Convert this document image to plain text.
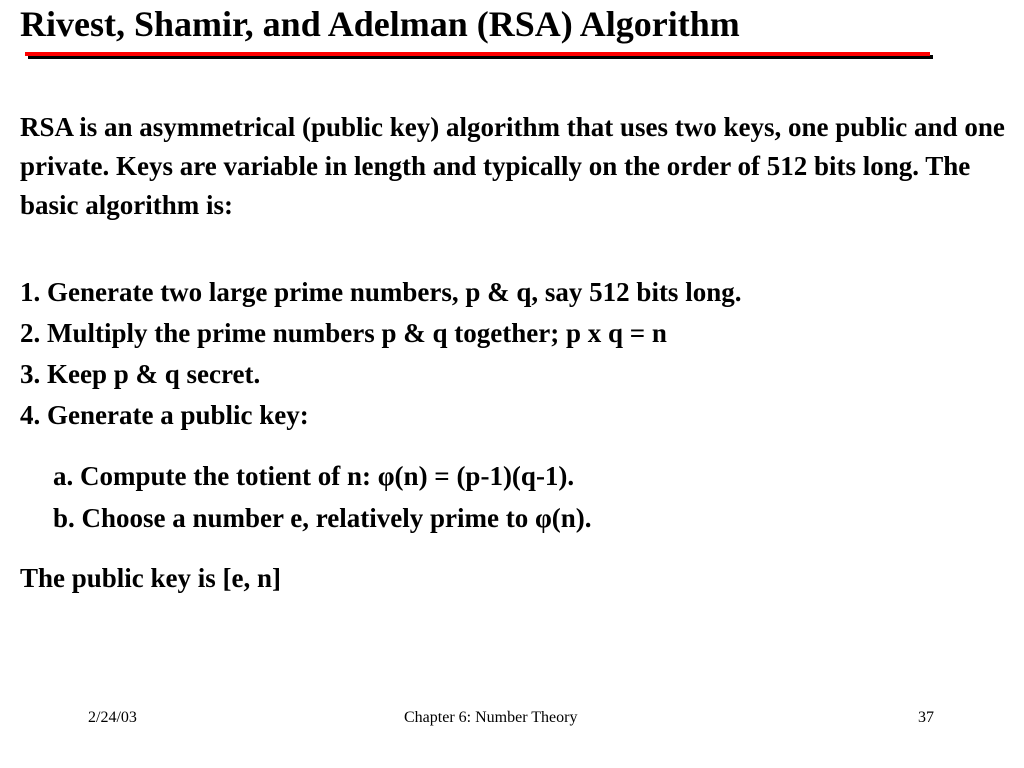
Rivest, Shamir, and Adelman (RSA) Algorithm

RSA is an asymmetrical (public key) algorithm that uses two keys, one public and one private. Keys are variable in length and typically on the order of 512 bits long. The basic algorithm is:

1. Generate two large prime numbers, p & q, say 512 bits long.
2. Multiply the prime numbers p & q together; p x q = n
3. Keep p & q secret.
4. Generate a public key:
a. Compute the totient of n: φ(n) = (p-1)(q-1).
b. Choose a number e, relatively prime to φ(n).

The public key is [e, n]

2/24/03	Chapter 6: Number Theory	37
